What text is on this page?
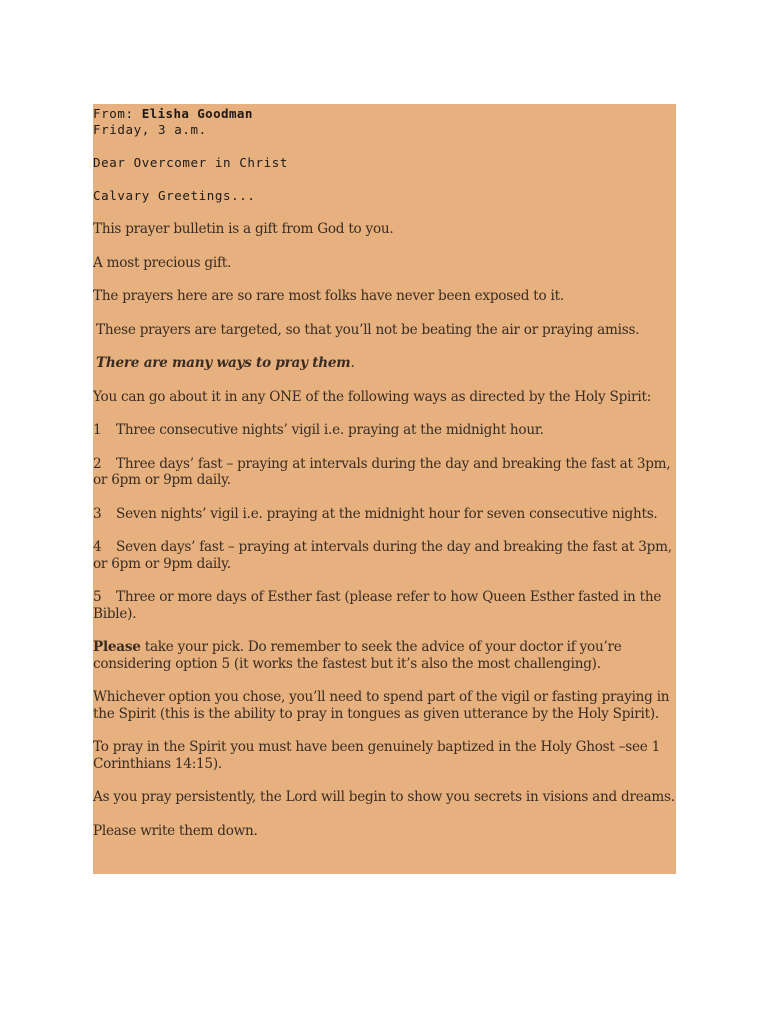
From: Elisha Goodman

Friday, 3 a.m.

Dear Overcomer in Christ

Calvary Greetings...

This prayer bulletin is a gift from God to you.

A most precious gift.

The prayers here are so rare most folks have never been exposed to it.

These prayers are targeted, so that you’ll not be beating the air or praying amiss.

There are many ways to pray them.

You can go about it in any ONE of the following ways as directed by the Holy Spirit:

1 Three consecutive nights’ vigil i.e. praying at the midnight hour.

2 Three days’ fast – praying at intervals during the day and breaking the fast at 3pm, or 6pm or 9pm daily.

3 Seven nights’ vigil i.e. praying at the midnight hour for seven consecutive nights.

4 Seven days’ fast – praying at intervals during the day and breaking the fast at 3pm, or 6pm or 9pm daily.

5 Three or more days of Esther fast (please refer to how Queen Esther fasted in the Bible).

Please take your pick. Do remember to seek the advice of your doctor if you’re considering option 5 (it works the fastest but it’s also the most challenging).

Whichever option you chose, you’ll need to spend part of the vigil or fasting praying in the Spirit (this is the ability to pray in tongues as given utterance by the Holy Spirit).

To pray in the Spirit you must have been genuinely baptized in the Holy Ghost –see 1 Corinthians 14:15).

As you pray persistently, the Lord will begin to show you secrets in visions and dreams.

Please write them down.
